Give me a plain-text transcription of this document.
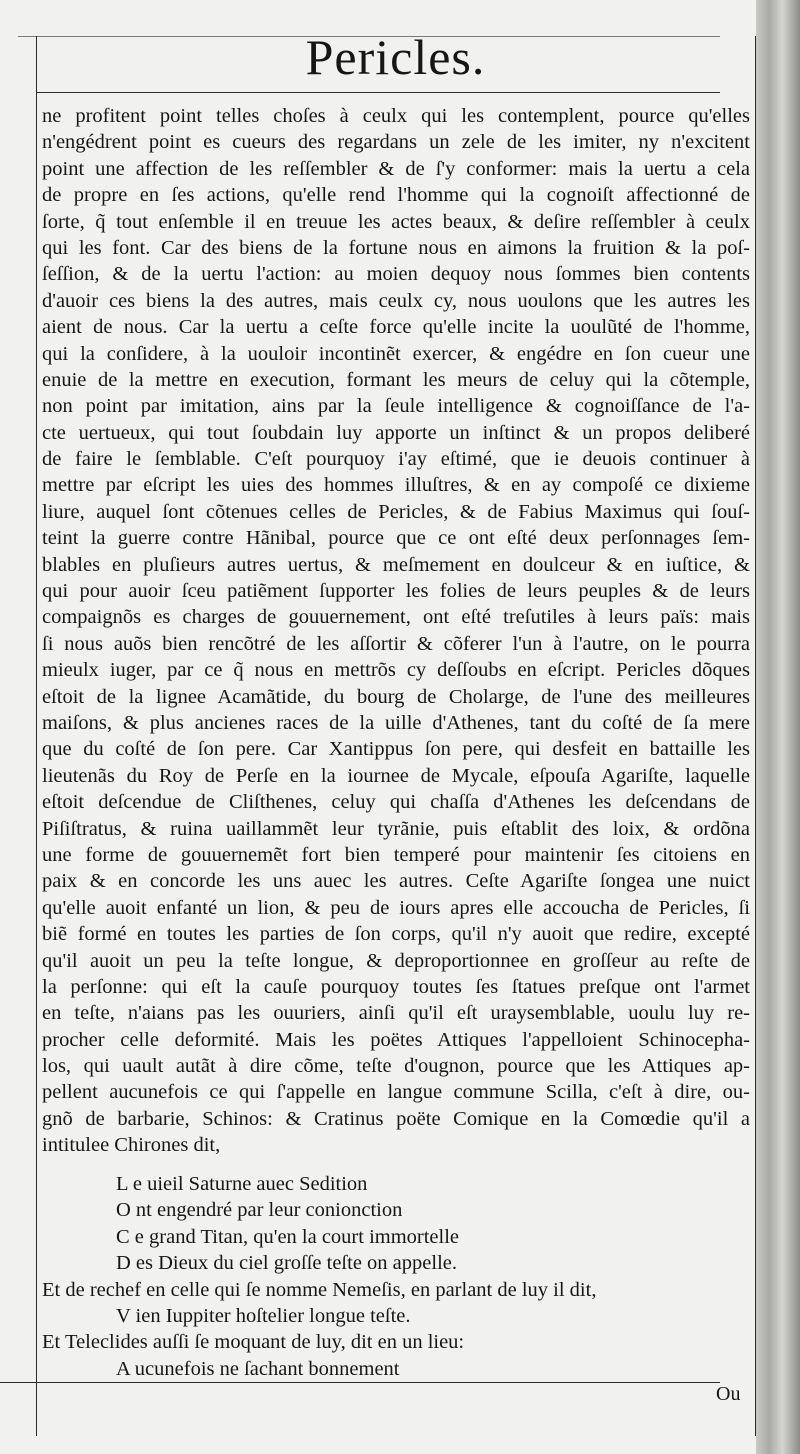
Pericles.
ne profitent point telles choſes à ceulx qui les contemplent, pource qu'elles
n'engédrent point es cueurs des regardans un zele de les imiter, ny n'excitent
point une affection de les reſſembler & de ſ'y conformer: mais la uertu a cela
de propre en ſes actions, qu'elle rend l'homme qui la cognoiſt affectionné de
ſorte, q̃ tout enſemble il en treuue les actes beaux, & deſire reſſembler à ceulx
qui les font. Car des biens de la fortune nous en aimons la fruition & la poſ-
ſeſſion, & de la uertu l'action: au moien dequoy nous ſommes bien contents
d'auoir ces biens la des autres, mais ceulx cy, nous uoulons que les autres les
aient de nous. Car la uertu a ceſte force qu'elle incite la uoulũté de l'homme,
qui la conſidere, à la uouloir incontinẽt exercer, & engédre en ſon cueur une
enuie de la mettre en execution, formant les meurs de celuy qui la cõtemple,
non point par imitation, ains par la ſeule intelligence & cognoiſſance de l'a-
cte uertueux, qui tout ſoubdain luy apporte un inſtinct & un propos deliberé
de faire le ſemblable. C'eſt pourquoy i'ay eſtimé, que ie deuois continuer à
mettre par eſcript les uies des hommes illuſtres, & en ay compoſé ce dixieme
liure, auquel ſont cõtenues celles de Pericles, & de Fabius Maximus qui ſouſ-
teint la guerre contre Hãnibal, pource que ce ont eſté deux perſonnages ſem-
blables en pluſieurs autres uertus, & meſmement en doulceur & en iuſtice, &
qui pour auoir ſceu patiẽment ſupporter les folies de leurs peuples & de leurs
compaignõs es charges de gouuernement, ont eſté treſutiles à leurs païs: mais
ſi nous auõs bien rencõtré de les aſſortir & cõferer l'un à l'autre, on le pourra
mieulx iuger, par ce q̃ nous en mettrõs cy deſſoubs en eſcript. Pericles dõques
eſtoit de la lignee Acamãtide, du bourg de Cholarge, de l'une des meilleures
maiſons, & plus ancienes races de la uille d'Athenes, tant du coſté de ſa mere
que du coſté de ſon pere. Car Xantippus ſon pere, qui desfeit en battaille les
lieutenãs du Roy de Perſe en la iournee de Mycale, eſpouſa Agariſte, laquelle
eſtoit deſcendue de Cliſthenes, celuy qui chaſſa d'Athenes les deſcendans de
Piſiſtratus, & ruina uaillammẽt leur tyrãnie, puis eſtablit des loix, & ordõna
une forme de gouuernemẽt fort bien temperé pour maintenir ſes citoiens en
paix & en concorde les uns auec les autres. Ceſte Agariſte ſongea une nuict
qu'elle auoit enfanté un lion, & peu de iours apres elle accoucha de Pericles, ſi
biẽ formé en toutes les parties de ſon corps, qu'il n'y auoit que redire, excepté
qu'il auoit un peu la teſte longue, & deproportionnee en groſſeur au reſte de
la perſonne: qui eſt la cauſe pourquoy toutes ſes ſtatues preſque ont l'armet
en teſte, n'aians pas les ouuriers, ainſi qu'il eſt uraysemblable, uoulu luy re-
procher celle deformité. Mais les poëtes Attiques l'appelloient Schinocepha-
los, qui uault autãt à dire cõme, teſte d'ougnon, pource que les Attiques ap-
pellent aucunefois ce qui ſ'appelle en langue commune Scilla, c'eſt à dire, ou-
gnõ de barbarie, Schinos: & Cratinus poëte Comique en la Comœdie qu'il a
intitulee Chirones dit,
L e uieil Saturne auec Sedition
O nt engendré par leur conionction
C e grand Titan, qu'en la court immortelle
D es Dieux du ciel groſſe teſte on appelle.
Et de rechef en celle qui ſe nomme Nemeſis, en parlant de luy il dit,
V ien Iuppiter hoſtelier longue teſte.
Et Teleclides auſſi ſe moquant de luy, dit en un lieu:
A ucunefois ne ſachant bonnement
Ou
